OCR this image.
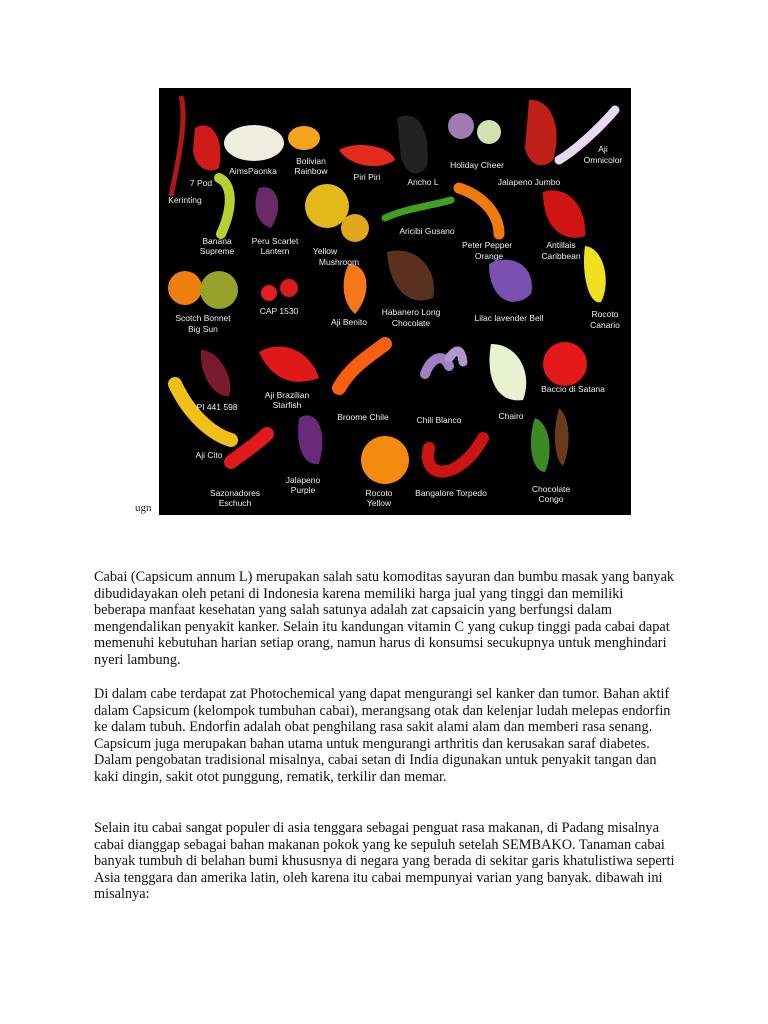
7 Pod
Kerinting
AimsPaonka
Bolivian
Rainbow
Piri Piri	Ancho L
Holiday Cheer
Jalapeno Jumbo
Aji
Omnicolor
Banana
Supreme
Peru Scarlet
Lantern	Yellow
Mushroom
Aricibi Gusano
Peter Pepper
Orange
Antillais
Caribbean
Scotch Bonnet
Big Sun
CAP 1530
Aji Benito
Habanero Long
Chocolate	Lilac lavender Bell	Rocoto
Canario
PI 441 598
Aji Brazilian
Starfish
Broome Chile	Chili Blanco
Baccio di Satana
Chairo
Aji Cito
Sazonadores
Eschuch
Jalapeno
Purple	Rocoto
Yellow
Bangalore Torpedo	Chocolate
Congo
ugn

Cabai (Capsicum annum L) merupakan salah satu komoditas sayuran dan bumbu masak yang banyak dibudidayakan oleh petani di Indonesia karena memiliki harga jual yang tinggi dan memiliki beberapa manfaat kesehatan yang salah satunya adalah zat capsaicin yang berfungsi dalam mengendalikan penyakit kanker. Selain itu kandungan vitamin C yang cukup tinggi pada cabai dapat memenuhi kebutuhan harian setiap orang, namun harus di konsumsi secukupnya untuk menghindari nyeri lambung.

Di dalam cabe terdapat zat Photochemical yang dapat mengurangi sel kanker dan tumor. Bahan aktif dalam Capsicum (kelompok tumbuhan cabai), merangsang otak dan kelenjar ludah melepas endorfin ke dalam tubuh. Endorfin adalah obat penghilang rasa sakit alami alam dan memberi rasa senang. Capsicum juga merupakan bahan utama untuk mengurangi arthritis dan kerusakan saraf diabetes. Dalam pengobatan tradisional misalnya, cabai setan di India digunakan untuk penyakit tangan dan kaki dingin, sakit otot punggung, rematik, terkilir dan memar.

Selain itu cabai sangat populer di asia tenggara sebagai penguat rasa makanan, di Padang misalnya cabai dianggap sebagai bahan makanan pokok yang ke sepuluh setelah SEMBAKO. Tanaman cabai banyak tumbuh di belahan bumi khususnya di negara yang berada di sekitar garis khatulistiwa seperti Asia tenggara dan amerika latin, oleh karena itu cabai mempunyai varian yang banyak. dibawah ini misalnya:
